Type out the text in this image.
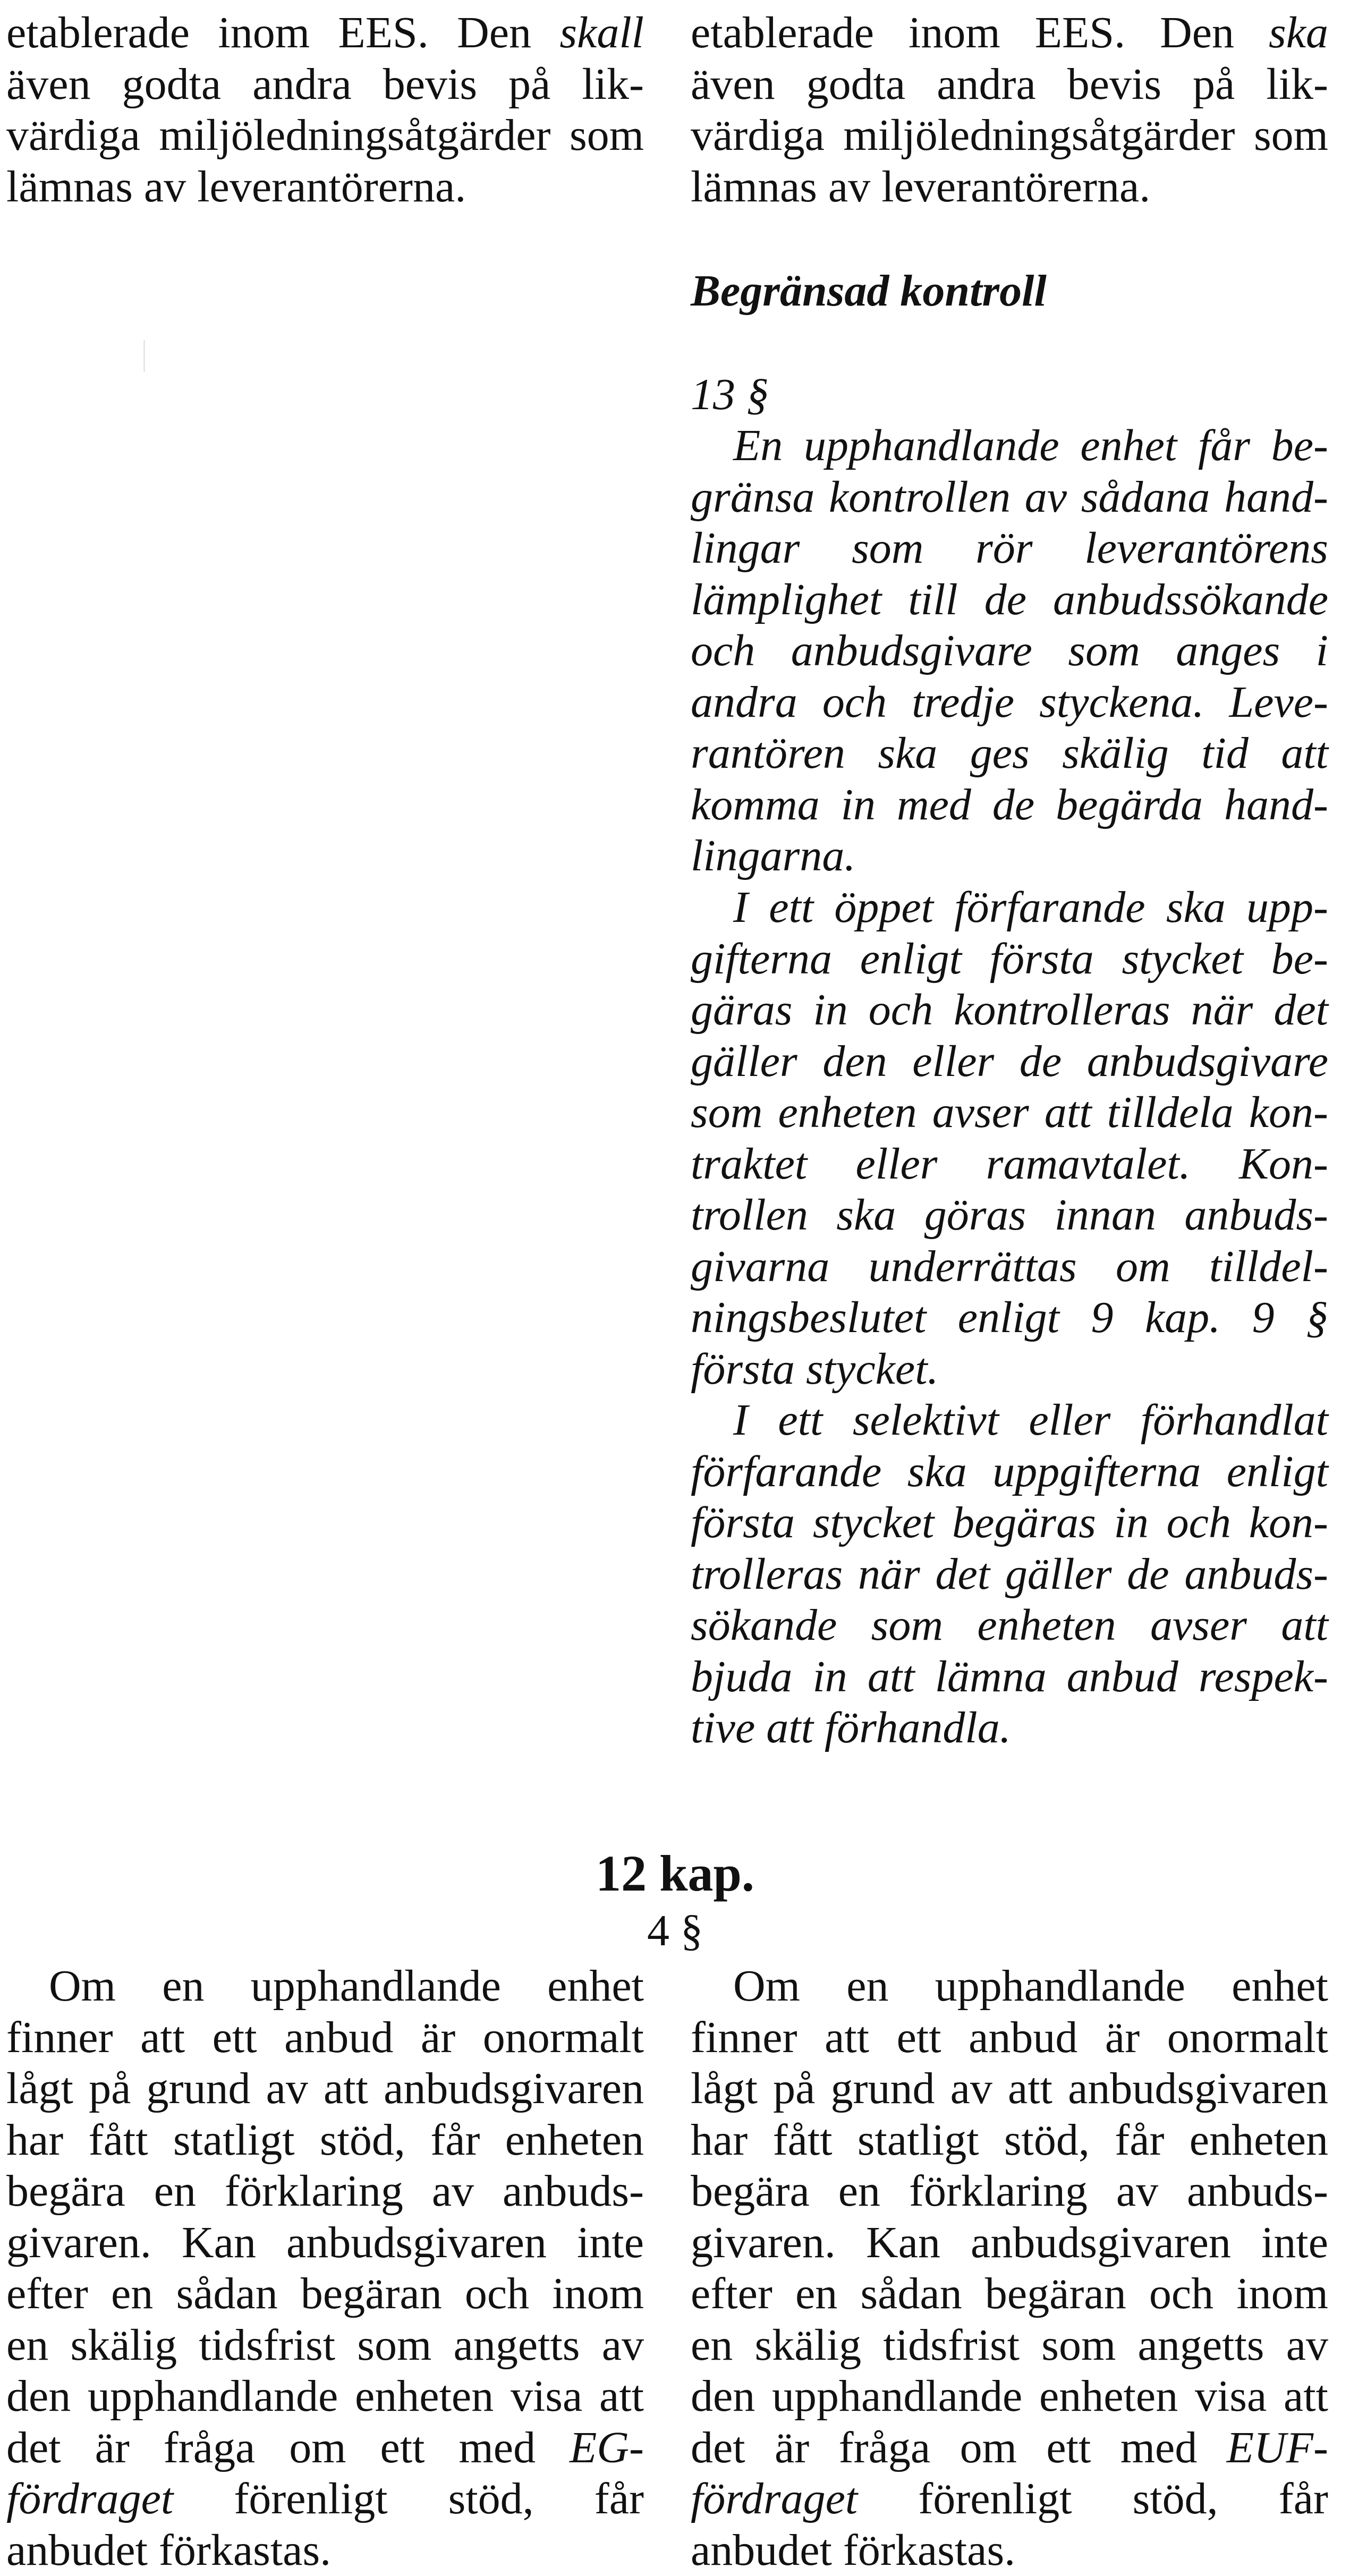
etablerade inom EES. Den skall
även godta andra bevis på lik-
värdiga miljöledningsåtgärder som
lämnas av leverantörerna.
etablerade inom EES. Den ska
även godta andra bevis på lik-
värdiga miljöledningsåtgärder som
lämnas av leverantörerna.
Begränsad kontroll
13 §
En upphandlande enhet får be-
gränsa kontrollen av sådana hand-
lingar som rör leverantörens
lämplighet till de anbudssökande
och anbudsgivare som anges i
andra och tredje styckena. Leve-
rantören ska ges skälig tid att
komma in med de begärda hand-
lingarna.
I ett öppet förfarande ska upp-
gifterna enligt första stycket be-
gäras in och kontrolleras när det
gäller den eller de anbudsgivare
som enheten avser att tilldela kon-
traktet eller ramavtalet. Kon-
trollen ska göras innan anbuds-
givarna underrättas om tilldel-
ningsbeslutet enligt 9 kap. 9 §
första stycket.
I ett selektivt eller förhandlat
förfarande ska uppgifterna enligt
första stycket begäras in och kon-
trolleras när det gäller de anbuds-
sökande som enheten avser att
bjuda in att lämna anbud respek-
tive att förhandla.
12 kap.
4 §
Om en upphandlande enhet
finner att ett anbud är onormalt
lågt på grund av att anbudsgivaren
har fått statligt stöd, får enheten
begära en förklaring av anbuds-
givaren. Kan anbudsgivaren inte
efter en sådan begäran och inom
en skälig tidsfrist som angetts av
den upphandlande enheten visa att
det är fråga om ett med EG-
fördraget förenligt stöd, får
anbudet förkastas.
Om en upphandlande enhet
finner att ett anbud är onormalt
lågt på grund av att anbudsgivaren
har fått statligt stöd, får enheten
begära en förklaring av anbuds-
givaren. Kan anbudsgivaren inte
efter en sådan begäran och inom
en skälig tidsfrist som angetts av
den upphandlande enheten visa att
det är fråga om ett med EUF-
fördraget förenligt stöd, får
anbudet förkastas.
